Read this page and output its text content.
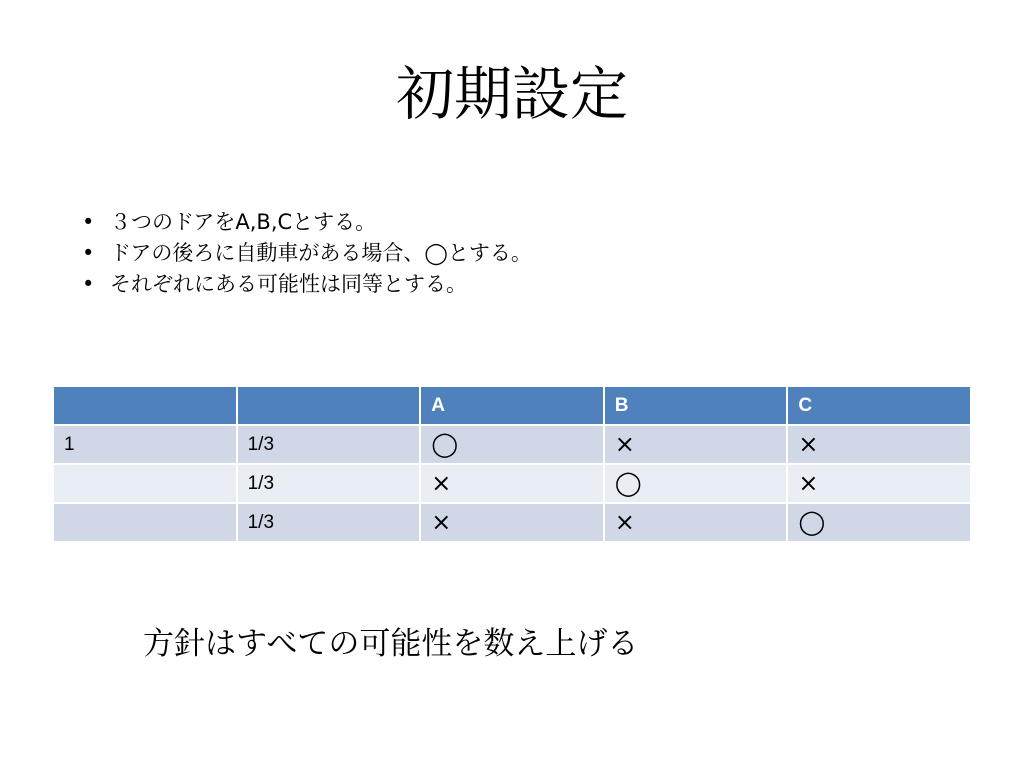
初期設定
• ３つのドアをA,B,Cとする。
• ドアの後ろに自動車がある場合、◯とする。
• それぞれにある可能性は同等とする。
		A	B	C
1	1/3	◯	×	×
	1/3	×	◯	×
	1/3	×	×	◯
方針はすべての可能性を数え上げる
